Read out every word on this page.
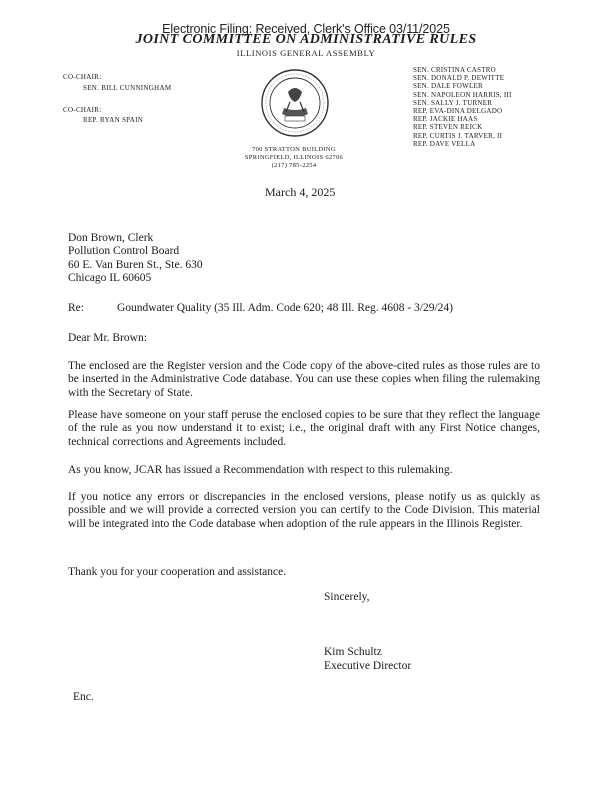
Electronic Filing: Received, Clerk's Office 03/11/2025
JOINT COMMITTEE ON ADMINISTRATIVE RULES
ILLINOIS GENERAL ASSEMBLY
CO-CHAIR:
SEN. BILL CUNNINGHAM
CO-CHAIR:
REP. RYAN SPAIN
700 STRATTON BUILDING
SPRINGFIELD, ILLINOIS 62706
(217) 785-2254
SEN. CRISTINA CASTRO
SEN. DONALD P. DEWITTE
SEN. DALE FOWLER
SEN. NAPOLEON HARRIS, III
SEN. SALLY J. TURNER
REP. EVA-DINA DELGADO
REP. JACKIE HAAS
REP. STEVEN REICK
REP. CURTIS J. TARVER, II
REP. DAVE VELLA
March 4, 2025
Don Brown, Clerk
Pollution Control Board
60 E. Van Buren St., Ste. 630
Chicago IL 60605
Re:	Goundwater Quality (35 Ill. Adm. Code 620; 48 Ill. Reg. 4608 - 3/29/24)
Dear Mr. Brown:
The enclosed are the Register version and the Code copy of the above-cited rules as those rules are to be inserted in the Administrative Code database. You can use these copies when filing the rulemaking with the Secretary of State.
Please have someone on your staff peruse the enclosed copies to be sure that they reflect the language of the rule as you now understand it to exist; i.e., the original draft with any First Notice changes, technical corrections and Agreements included.
As you know, JCAR has issued a Recommendation with respect to this rulemaking.
If you notice any errors or discrepancies in the enclosed versions, please notify us as quickly as possible and we will provide a corrected version you can certify to the Code Division. This material will be integrated into the Code database when adoption of the rule appears in the Illinois Register.
Thank you for your cooperation and assistance.
Sincerely,
Kim Schultz
Executive Director
Enc.
